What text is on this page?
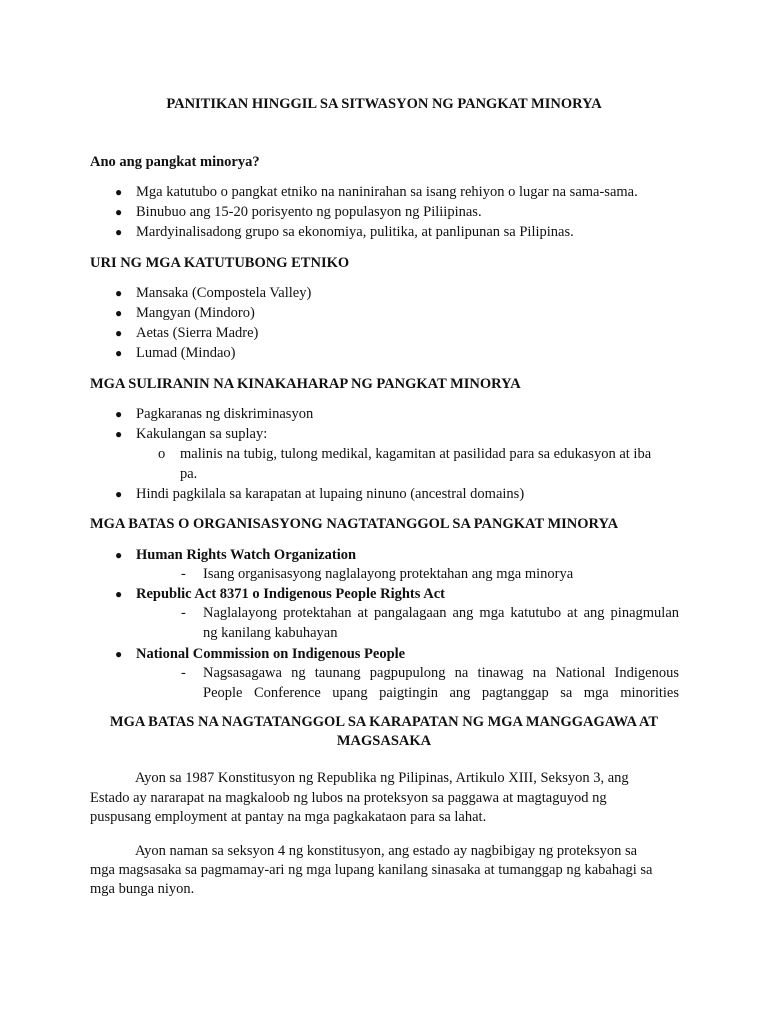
PANITIKAN HINGGIL SA SITWASYON NG PANGKAT MINORYA
Ano ang pangkat minorya?
● Mga katutubo o pangkat etniko na naninirahan sa isang rehiyon o lugar na sama-sama.
● Binubuo ang 15-20 porisyento ng populasyon ng Piliipinas.
● Mardyinalisadong grupo sa ekonomiya, pulitika, at panlipunan sa Pilipinas.
URI NG MGA KATUTUBONG ETNIKO
● Mansaka (Compostela Valley)
● Mangyan (Mindoro)
● Aetas (Sierra Madre)
● Lumad (Mindao)
MGA SULIRANIN NA KINAKAHARAP NG PANGKAT MINORYA
● Pagkaranas ng diskriminasyon
● Kakulangan sa suplay:
o malinis na tubig, tulong medikal, kagamitan at pasilidad para sa edukasyon at iba
pa.
● Hindi pagkilala sa karapatan at lupaing ninuno (ancestral domains)
MGA BATAS O ORGANISASYONG NAGTATANGGOL SA PANGKAT MINORYA
● Human Rights Watch Organization
- Isang organisasyong naglalayong protektahan ang mga minorya
● Republic Act 8371 o Indigenous People Rights Act
- Naglalayong protektahan at pangalagaan ang mga katutubo at ang pinagmulan
ng kanilang kabuhayan
● National Commission on Indigenous People
- Nagsasagawa ng taunang pagpupulong na tinawag na National Indigenous
People Conference upang paigtingin ang pagtanggap sa mga minorities
MGA BATAS NA NAGTATANGGOL SA KARAPATAN NG MGA MANGGAGAWA AT
MAGSASAKA
Ayon sa 1987 Konstitusyon ng Republika ng Pilipinas, Artikulo XIII, Seksyon 3, ang
Estado ay nararapat na magkaloob ng lubos na proteksyon sa paggawa at magtaguyod ng
puspusang employment at pantay na mga pagkakataon para sa lahat.
Ayon naman sa seksyon 4 ng konstitusyon, ang estado ay nagbibigay ng proteksyon sa
mga magsasaka sa pagmamay-ari ng mga lupang kanilang sinasaka at tumanggap ng kabahagi sa
mga bunga niyon.
